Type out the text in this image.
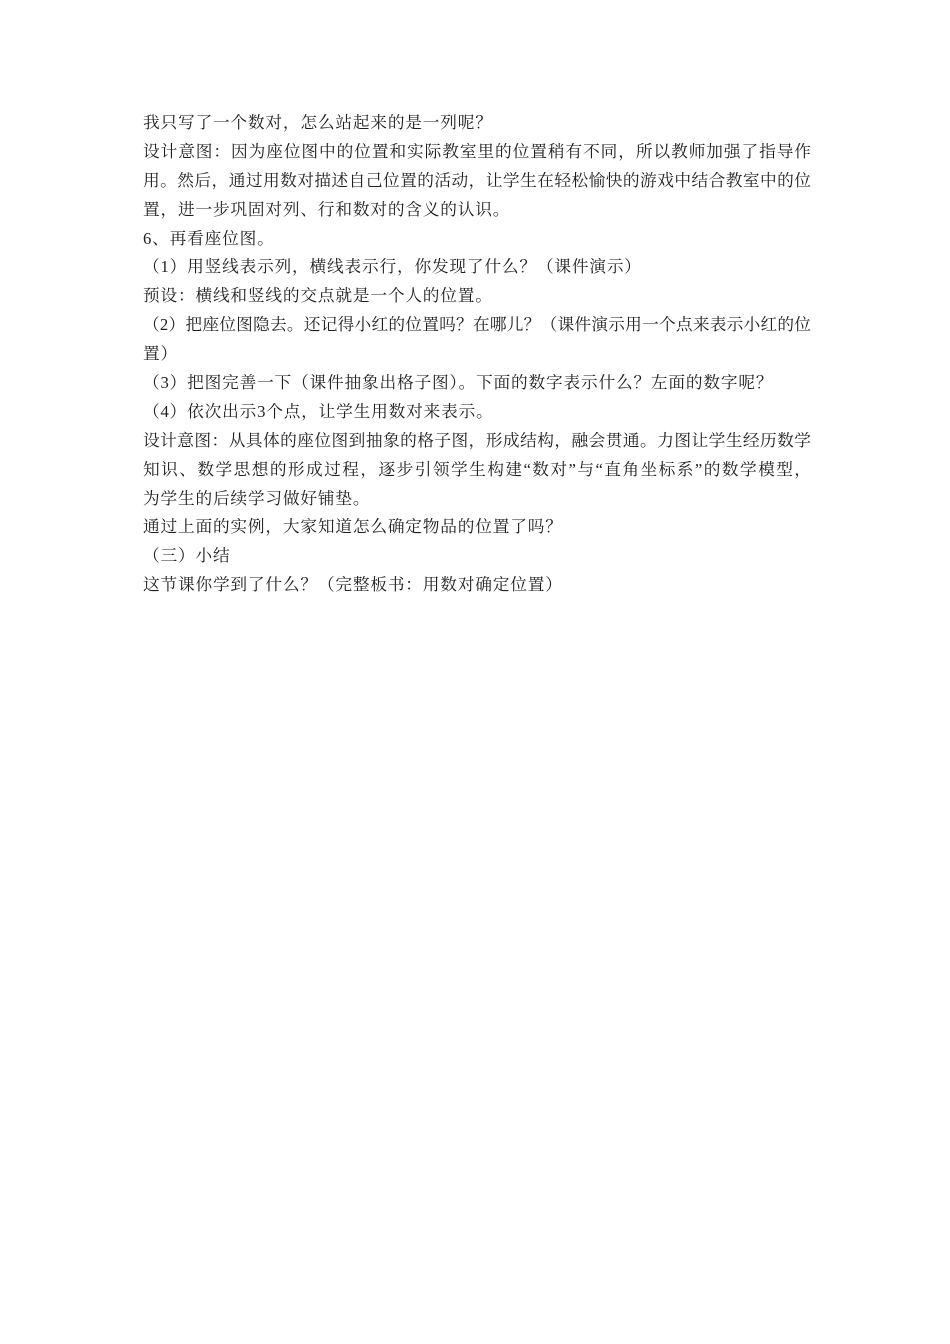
我只写了一个数对，怎么站起来的是一列呢？
设计意图：因为座位图中的位置和实际教室里的位置稍有不同，所以教师加强了指导作
用。然后，通过用数对描述自己位置的活动，让学生在轻松愉快的游戏中结合教室中的位
置，进一步巩固对列、行和数对的含义的认识。
6、再看座位图。
（1）用竖线表示列，横线表示行，你发现了什么？（课件演示）
预设：横线和竖线的交点就是一个人的位置。
（2）把座位图隐去。还记得小红的位置吗？在哪儿？（课件演示用一个点来表示小红的位
置）
（3）把图完善一下（课件抽象出格子图）。下面的数字表示什么？左面的数字呢？
（4）依次出示3个点，让学生用数对来表示。
设计意图：从具体的座位图到抽象的格子图，形成结构，融会贯通。力图让学生经历数学
知识、数学思想的形成过程，逐步引领学生构建“数对”与“直角坐标系”的数学模型，
为学生的后续学习做好铺垫。
通过上面的实例，大家知道怎么确定物品的位置了吗？
（三）小结
这节课你学到了什么？（完整板书：用数对确定位置）
